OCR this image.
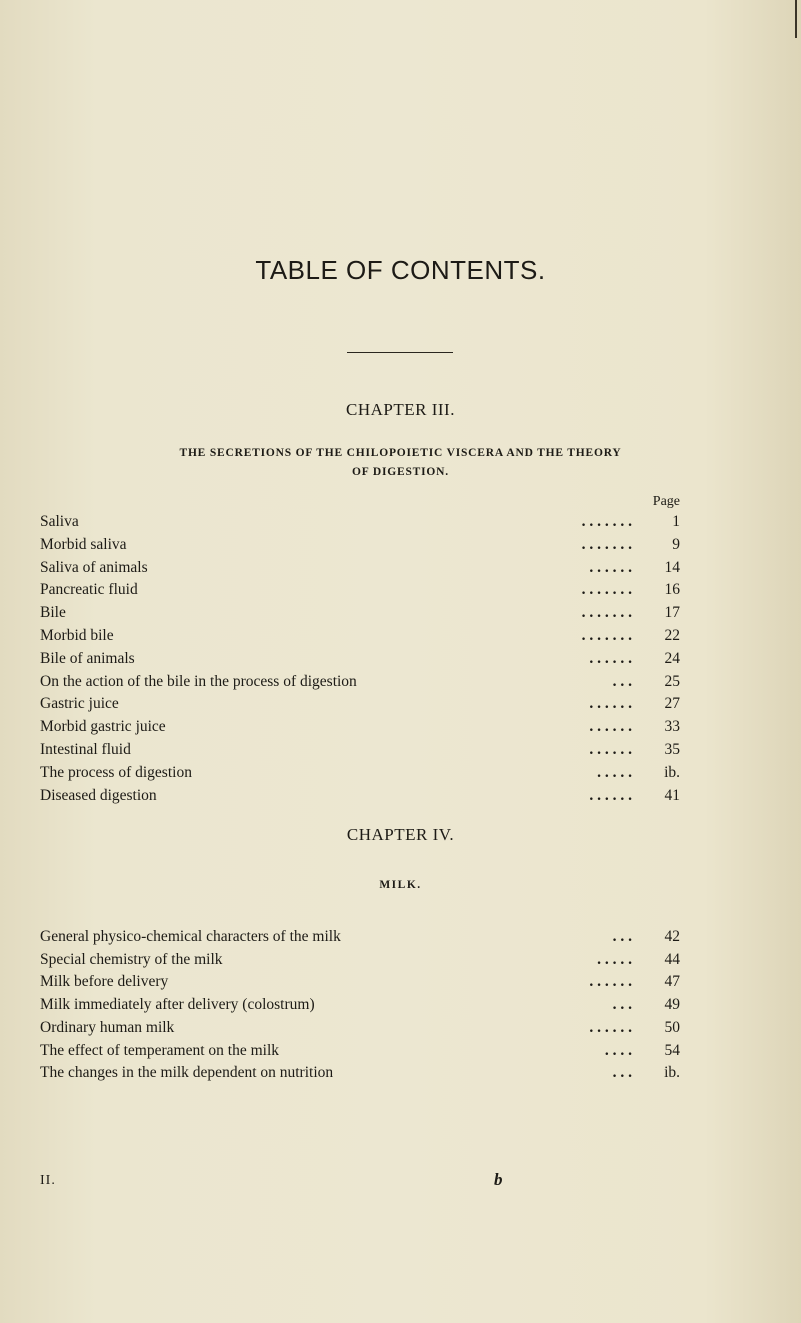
TABLE OF CONTENTS.
CHAPTER III.
THE SECRETIONS OF THE CHILOPOIETIC VISCERA AND THE THEORY
OF DIGESTION.
Page
Saliva	. . . . . . .	1
Morbid saliva	. . . . . . .	9
Saliva of animals	. . . . . . 14
Pancreatic fluid	. . . . . . . 16
Bile	. . . . . . . 17
Morbid bile	. . . . . . . 22
Bile of animals	. . . . . . 24
On the action of the bile in the process of digestion	. . . 25
Gastric juice	. . . . . . 27
Morbid gastric juice	. . . . . . 33
Intestinal fluid	. . . . . . 35
The process of digestion	. . . . . ib.
Diseased digestion	. . . . . . 41
CHAPTER IV.
MILK.
General physico-chemical characters of the milk	. . . 42
Special chemistry of the milk	. . . . . 44
Milk before delivery	. . . . . . 47
Milk immediately after delivery (colostrum)	. . . 49
Ordinary human milk	. . . . . . 50
The effect of temperament on the milk	. . . . 54
The changes in the milk dependent on nutrition	. . . ib.
II.	b
